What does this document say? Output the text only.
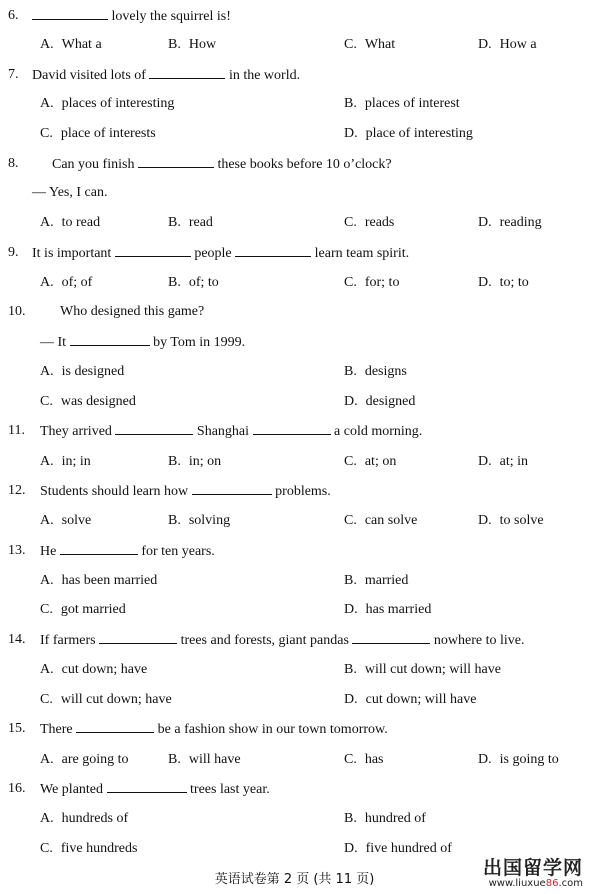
6.	lovely the squirrel is!
A. What a	B. How	C. What	D. How a
7. David visited lots of	in the world.
A. places of interesting	B. places of interest
C. place of interests	D. place of interesting
8. Can you finish	these books before 10 o’clock?
— Yes, I can.
A. to read	B. read	C. reads	D. reading
9. It is important	people	learn team spirit.
A. of; of	B. of; to	C. for; to	D. to; to
10. Who designed this game?
— It	by Tom in 1999.
A. is designed	B. designs
C. was designed	D. designed
11. They arrived	Shanghai	a cold morning.
A. in; in	B. in; on	C. at; on	D. at; in
12. Students should learn how	problems.
A. solve	B. solving	C. can solve	D. to solve
13. He	for ten years.
A. has been married	B. married
C. got married	D. has married
14. If farmers	trees and forests, giant pandas	nowhere to live.
A. cut down; have	B. will cut down; will have
C. will cut down; have	D. cut down; will have
15. There	be a fashion show in our town tomorrow.
A. are going to	B. will have	C. has	D. is going to
16. We planted	trees last year.
A. hundreds of	B. hundred of
C. five hundreds	D. five hundred of
英语试卷第 2 页 (共 11 页)
出国留学网
www.liuxue86.com
